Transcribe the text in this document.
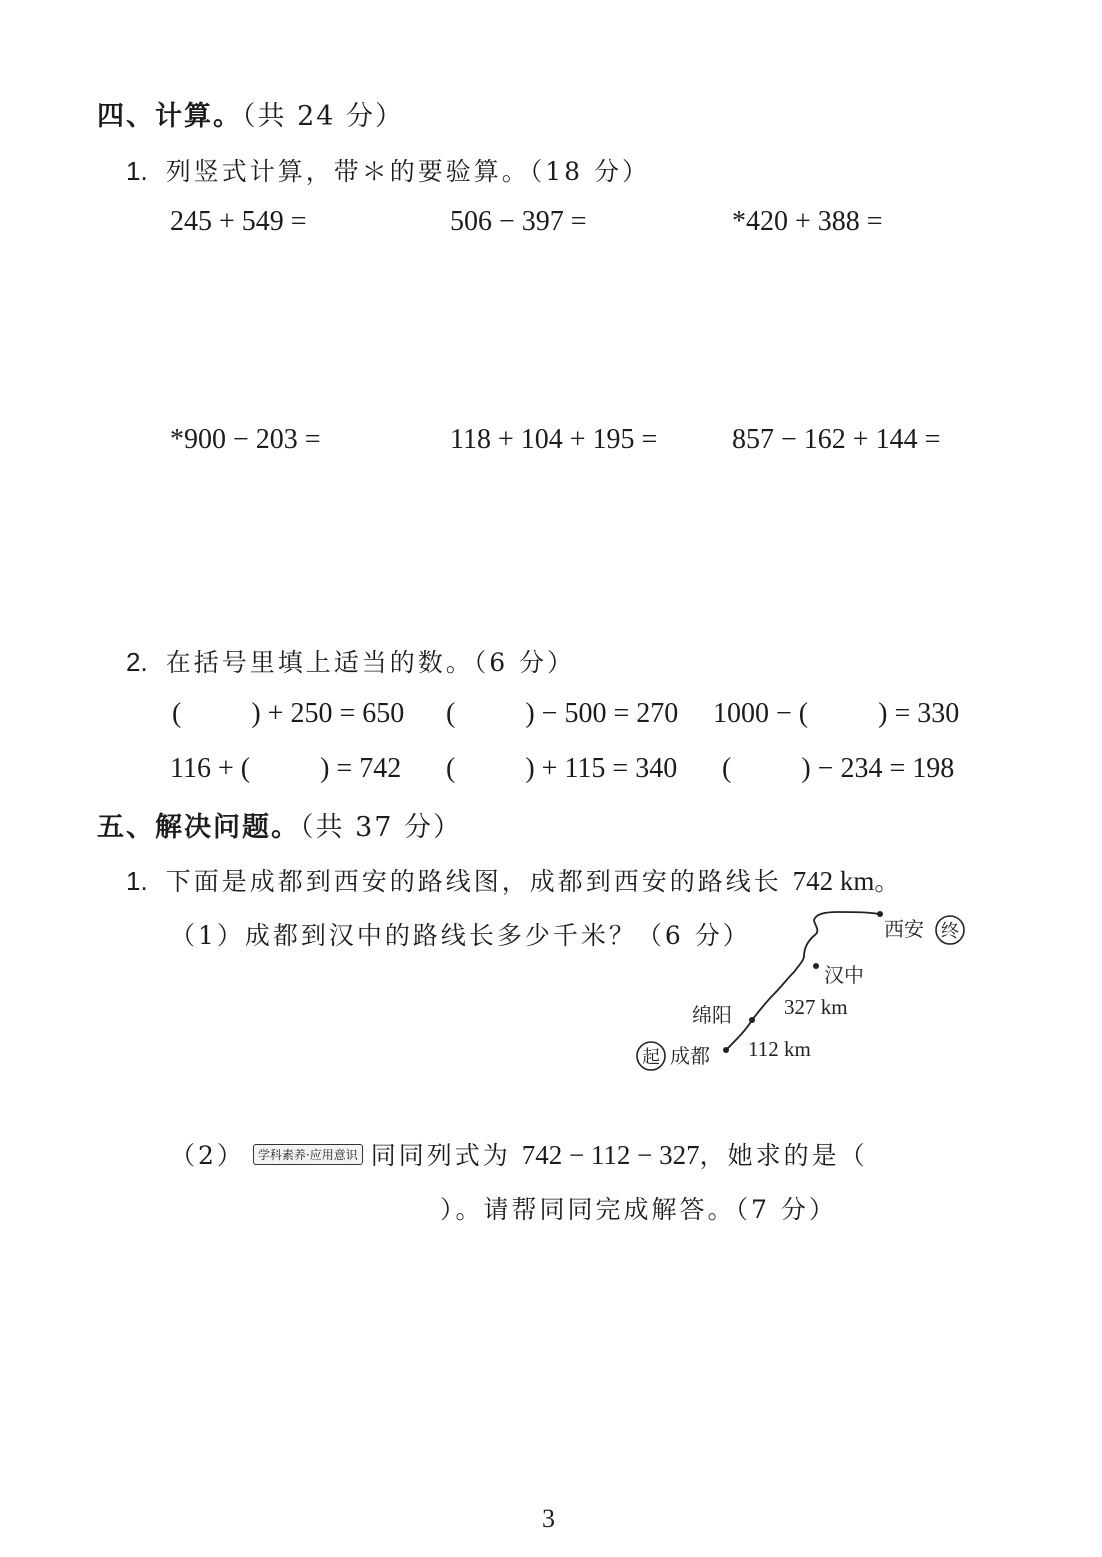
四、计算。（共 24 分）
1. 列竖式计算，带＊的要验算。（18 分）
245 + 549 =	506 − 397 =	*420 + 388 =
*900 − 203 =	118 + 104 + 195 =	857 − 162 + 144 =
2. 在括号里填上适当的数。（6 分）
(          ) + 250 = 650 (          ) − 500 = 270 1000 − (          ) = 330
116 + (          ) = 742 (          ) + 115 = 340 (          ) − 234 = 198
五、解决问题。（共 37 分）
1. 下面是成都到西安的路线图，成都到西安的路线长 742 km。
（1）成都到汉中的路线长多少千米？（6 分）
起 成都
绵阳
汉中
西安 终
112 km
327 km
（2） 学科素养·应用意识 同同列式为 742 − 112 − 327，她求的是（
）。请帮同同完成解答。（7 分）
3
